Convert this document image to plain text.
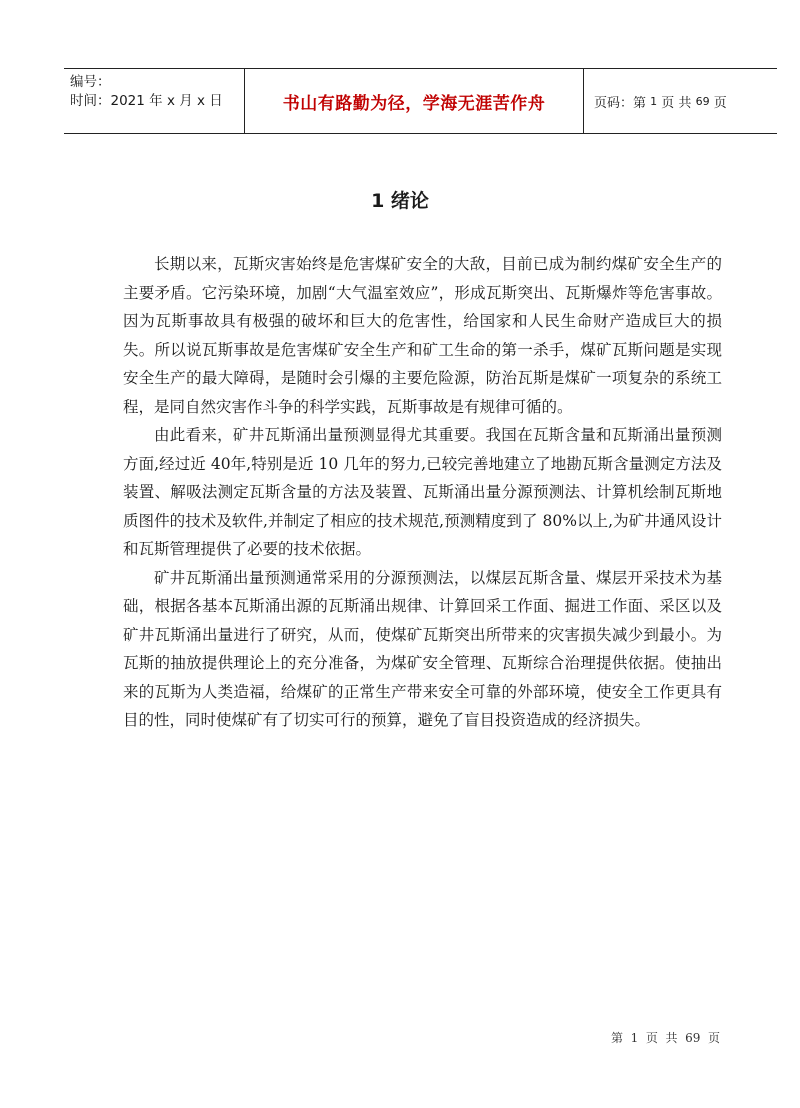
编号：
时间：2021 年 x 月 x 日	书山有路勤为径，学海无涯苦作舟	页码：第
1
页 共
69
页
1 绪论

长期以来，瓦斯灾害始终是危害煤矿安全的大敌，目前已成为制约煤矿安全生产的主要矛盾。它污染环境，加剧“大气温室效应”，形成瓦斯突出、瓦斯爆炸等危害事故。因为瓦斯事故具有极强的破坏和巨大的危害性，给国家和人民生命财产造成巨大的损失。所以说瓦斯事故是危害煤矿安全生产和矿工生命的第一杀手，煤矿瓦斯问题是实现安全生产的最大障碍，是随时会引爆的主要危险源，防治瓦斯是煤矿一项复杂的系统工程，是同自然灾害作斗争的科学实践，瓦斯事故是有规律可循的。

由此看来，矿井瓦斯涌出量预测显得尤其重要。我国在瓦斯含量和瓦斯涌出量预测方面,经过近 40年,特别是近 10 几年的努力,已较完善地建立了地勘瓦斯含量测定方法及装置、解吸法测定瓦斯含量的方法及装置、瓦斯涌出量分源预测法、计算机绘制瓦斯地质图件的技术及软件,并制定了相应的技术规范,预测精度到了 80%以上,为矿井通风设计和瓦斯管理提供了必要的技术依据。

矿井瓦斯涌出量预测通常采用的分源预测法，以煤层瓦斯含量、煤层开采技术为基础，根据各基本瓦斯涌出源的瓦斯涌出规律、计算回采工作面、掘进工作面、采区以及矿井瓦斯涌出量进行了研究，从而，使煤矿瓦斯突出所带来的灾害损失减少到最小。为瓦斯的抽放提供理论上的充分准备，为煤矿安全管理、瓦斯综合治理提供依据。使抽出来的瓦斯为人类造福，给煤矿的正常生产带来安全可靠的外部环境，使安全工作更具有目的性，同时使煤矿有了切实可行的预算，避免了盲目投资造成的经济损失。

第  1  页  共  69  页
